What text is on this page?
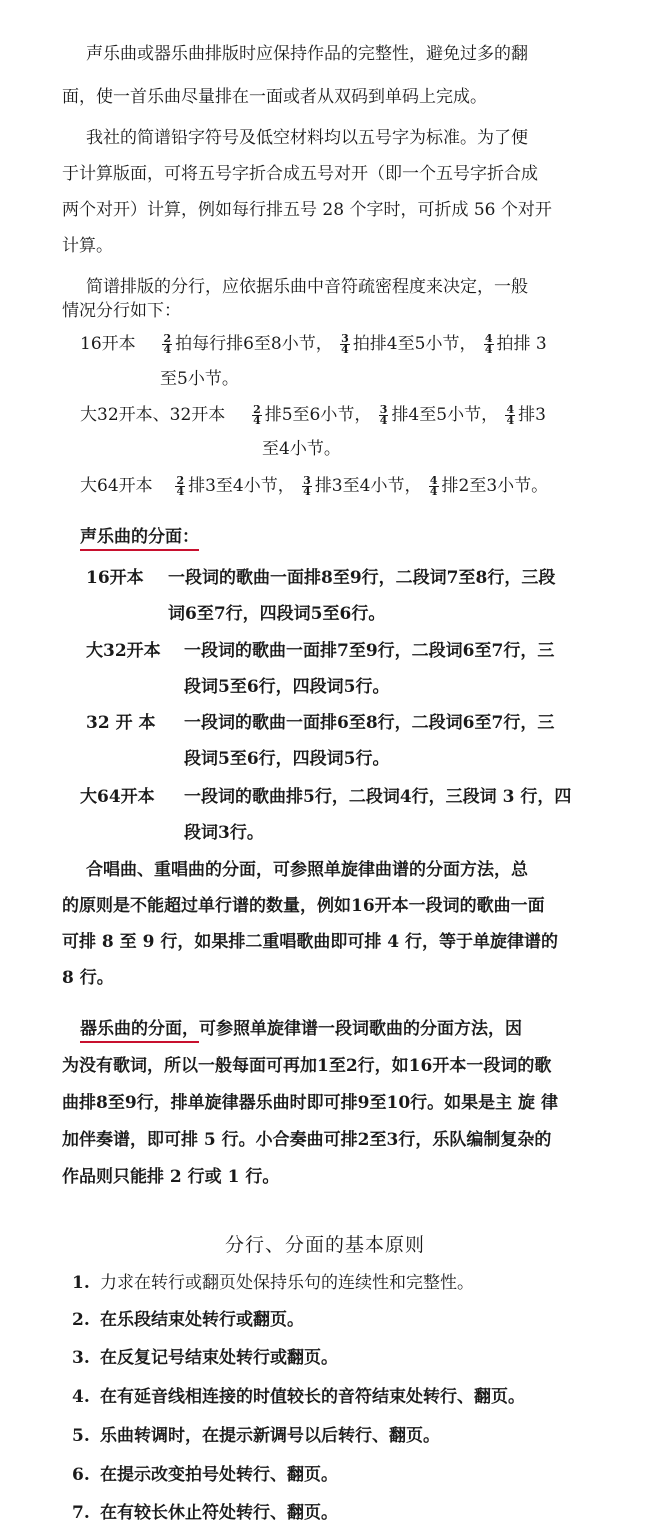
声乐曲或器乐曲排版时应保持作品的完整性，避免过多的翻
面，使一首乐曲尽量排在一面或者从双码到单码上完成。
我社的简谱铅字符号及低空材料均以五号字为标准。为了便
于计算版面，可将五号字折合成五号对开（即一个五号字折合成
两个对开）计算，例如每行排五号 28 个字时，可折成 56 个对开
计算。
简谱排版的分行，应依据乐曲中音符疏密程度来决定，一般
情况分行如下：
16开本 $\frac{2}{4}$ 拍每行排6至8小节， $\frac{3}{4}$ 拍排4至5小节， $\frac{4}{4}$ 拍排 3
至5小节。
大32开本、32开本 $\frac{2}{4}$ 排5至6小节， $\frac{3}{4}$ 排4至5小节， $\frac{4}{4}$ 排3
至4小节。
大64开本 $\frac{2}{4}$ 排3至4小节， $\frac{3}{4}$ 排3至4小节， $\frac{4}{4}$ 排2至3小节。
声乐曲的分面：
16开本 一段词的歌曲一面排8至9行，二段词7至8行，三段
词6至7行，四段词5至6行。
大32开本 一段词的歌曲一面排7至9行，二段词6至7行，三
段词5至6行，四段词5行。
32 开 本 一段词的歌曲一面排6至8行，二段词6至7行，三
段词5至6行，四段词5行。
大64开本 一段词的歌曲排5行，二段词4行，三段词 3 行，四
段词3行。
合唱曲、重唱曲的分面，可参照单旋律曲谱的分面方法，总
的原则是不能超过单行谱的数量，例如16开本一段词的歌曲一面
可排 8 至 9 行，如果排二重唱歌曲即可排 4 行，等于单旋律谱的
8 行。
器乐曲的分面，可参照单旋律谱一段词歌曲的分面方法，因
为没有歌词，所以一般每面可再加1至2行，如16开本一段词的歌
曲排8至9行，排单旋律器乐曲时即可排9至10行。如果是主 旋 律
加伴奏谱，即可排 5 行。小合奏曲可排2至3行，乐队编制复杂的
作品则只能排 2 行或 1 行。
分行、分面的基本原则
1. 力求在转行或翻页处保持乐句的连续性和完整性。
2. 在乐段结束处转行或翻页。
3. 在反复记号结束处转行或翻页。
4. 在有延音线相连接的时值较长的音符结束处转行、翻页。
5. 乐曲转调时，在提示新调号以后转行、翻页。
6. 在提示改变拍号处转行、翻页。
7. 在有较长休止符处转行、翻页。
